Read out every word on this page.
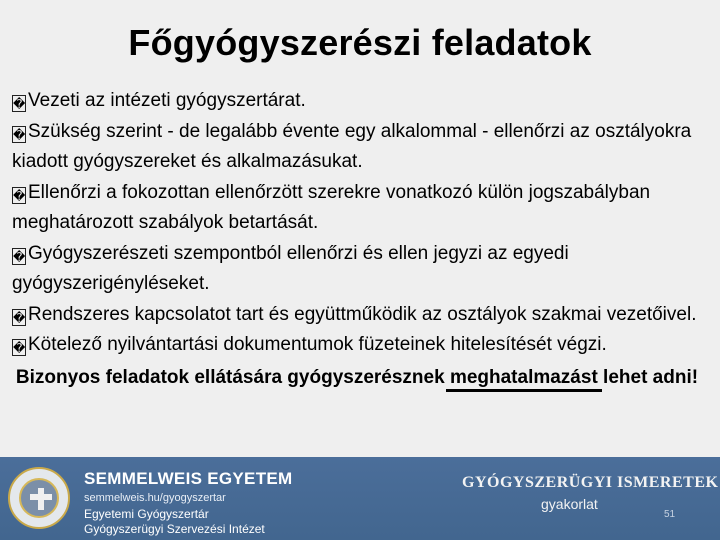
Főgyógyszerészi feladatok

� Vezeti az intézeti gyógyszertárat.

� Szükség szerint - de legalább évente egy alkalommal - ellenőrzi az osztályokra kiadott gyógyszereket és alkalmazásukat.

� Ellenőrzi a fokozottan ellenőrzött szerekre vonatkozó külön jogszabályban meghatározott szabályok betartását.

� Gyógyszerészeti szempontból ellenőrzi és ellen jegyzi az egyedi gyógyszerigényléseket.

� Rendszeres kapcsolatot tart és együttműködik az osztályok szakmai vezetőivel.

� Kötelező nyilvántartási dokumentumok füzeteinek hitelesítését végzi.

Bizonyos feladatok ellátására gyógyszerésznek meghatalmazást lehet adni!

SEMMELWEIS EGYETEM
semmelweis.hu/gyogyszertar
Egyetemi Gyógyszertár
Gyógyszerügyi Szervezési Intézet
GYÓGYSZERÜGYI ISMERETEK
gyakorlat
51
